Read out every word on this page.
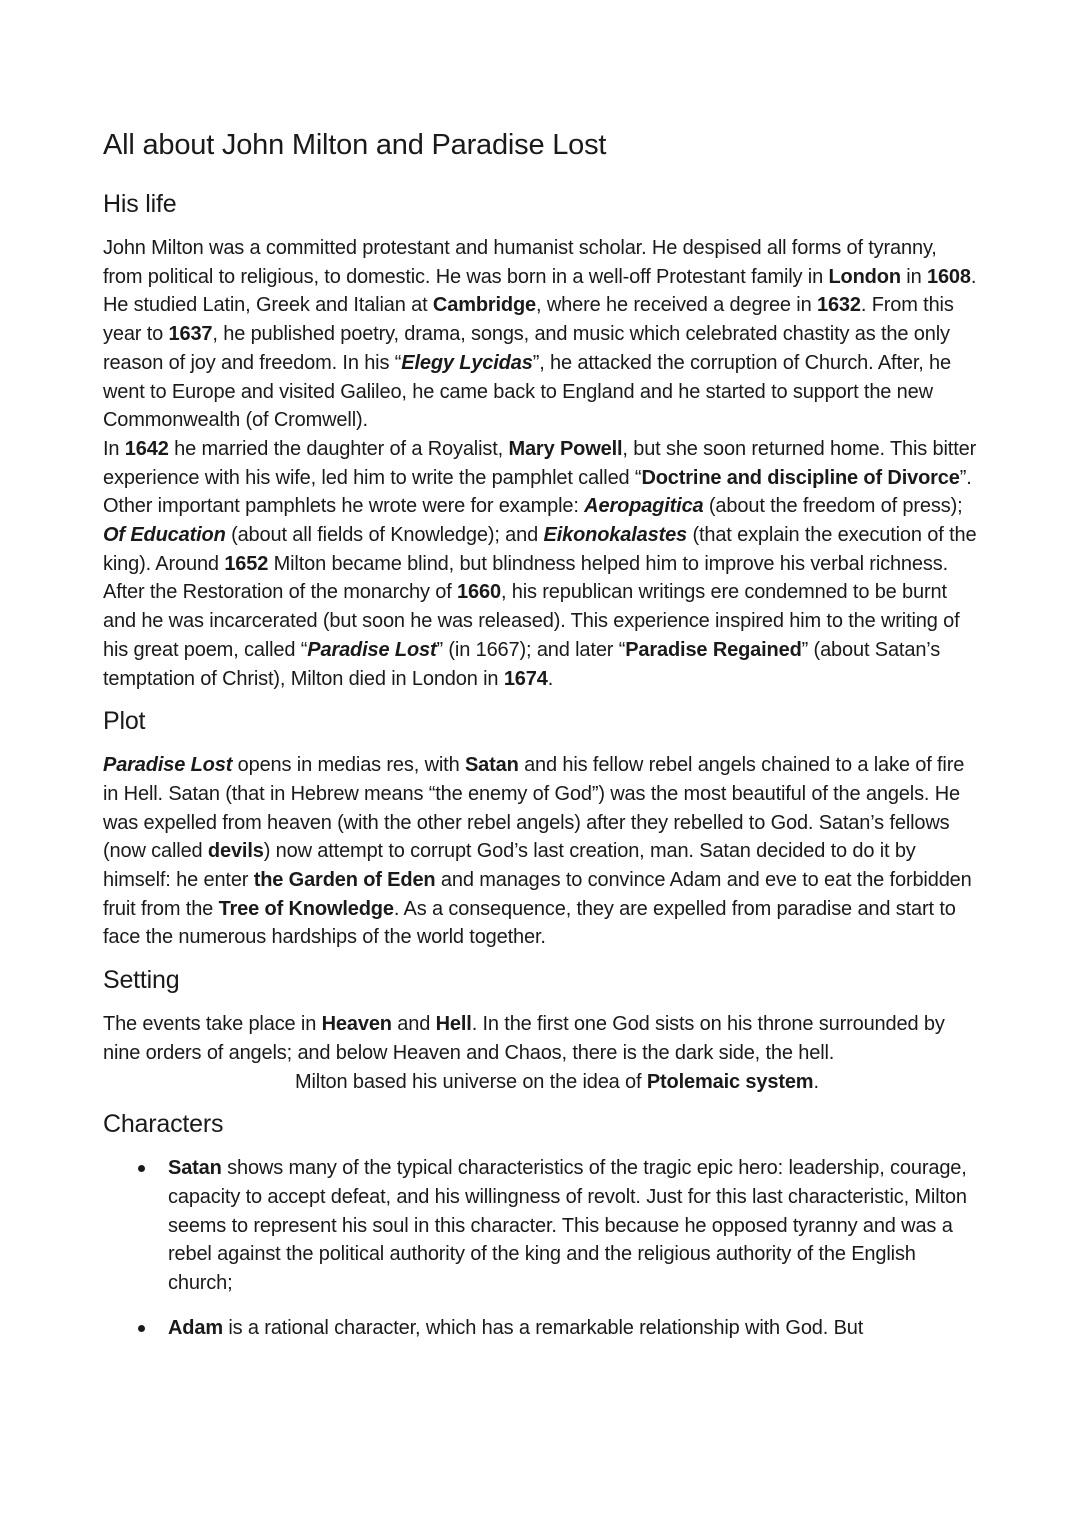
All about John Milton and Paradise Lost
His life

John Milton was a committed protestant and humanist scholar. He despised all forms of tyranny, from political to religious, to domestic. He was born in a well-off Protestant family in London in 1608. He studied Latin, Greek and Italian at Cambridge, where he received a degree in 1632. From this year to 1637, he published poetry, drama, songs, and music which celebrated chastity as the only reason of joy and freedom. In his “Elegy Lycidas”, he attacked the corruption of Church. After, he went to Europe and visited Galileo, he came back to England and he started to support the new Commonwealth (of Cromwell).

In 1642 he married the daughter of a Royalist, Mary Powell, but she soon returned home. This bitter experience with his wife, led him to write the pamphlet called “Doctrine and discipline of Divorce”. Other important pamphlets he wrote were for example: Aeropagitica (about the freedom of press); Of Education (about all fields of Knowledge); and Eikonokalastes (that explain the execution of the king). Around 1652 Milton became blind, but blindness helped him to improve his verbal richness. After the Restoration of the monarchy of 1660, his republican writings ere condemned to be burnt and he was incarcerated (but soon he was released). This experience inspired him to the writing of his great poem, called “Paradise Lost” (in 1667); and later “Paradise Regained” (about Satan’s temptation of Christ), Milton died in London in 1674.

Plot

Paradise Lost opens in medias res, with Satan and his fellow rebel angels chained to a lake of fire in Hell. Satan (that in Hebrew means “the enemy of God”) was the most beautiful of the angels. He was expelled from heaven (with the other rebel angels) after they rebelled to God. Satan’s fellows (now called devils) now attempt to corrupt God’s last creation, man. Satan decided to do it by himself: he enter the Garden of Eden and manages to convince Adam and eve to eat the forbidden fruit from the Tree of Knowledge. As a consequence, they are expelled from paradise and start to face the numerous hardships of the world together.

Setting

The events take place in Heaven and Hell. In the first one God sists on his throne surrounded by nine orders of angels; and below Heaven and Chaos, there is the dark side, the hell.Milton based his universe on the idea of Ptolemaic system.

Characters
Satan shows many of the typical characteristics of the tragic epic hero: leadership, courage, capacity to accept defeat, and his willingness of revolt. Just for this last characteristic, Milton seems to represent his soul in this character. This because he opposed tyranny and was a rebel against the political authority of the king and the religious authority of the English church;
Adam is a rational character, which has a remarkable relationship with God. But
